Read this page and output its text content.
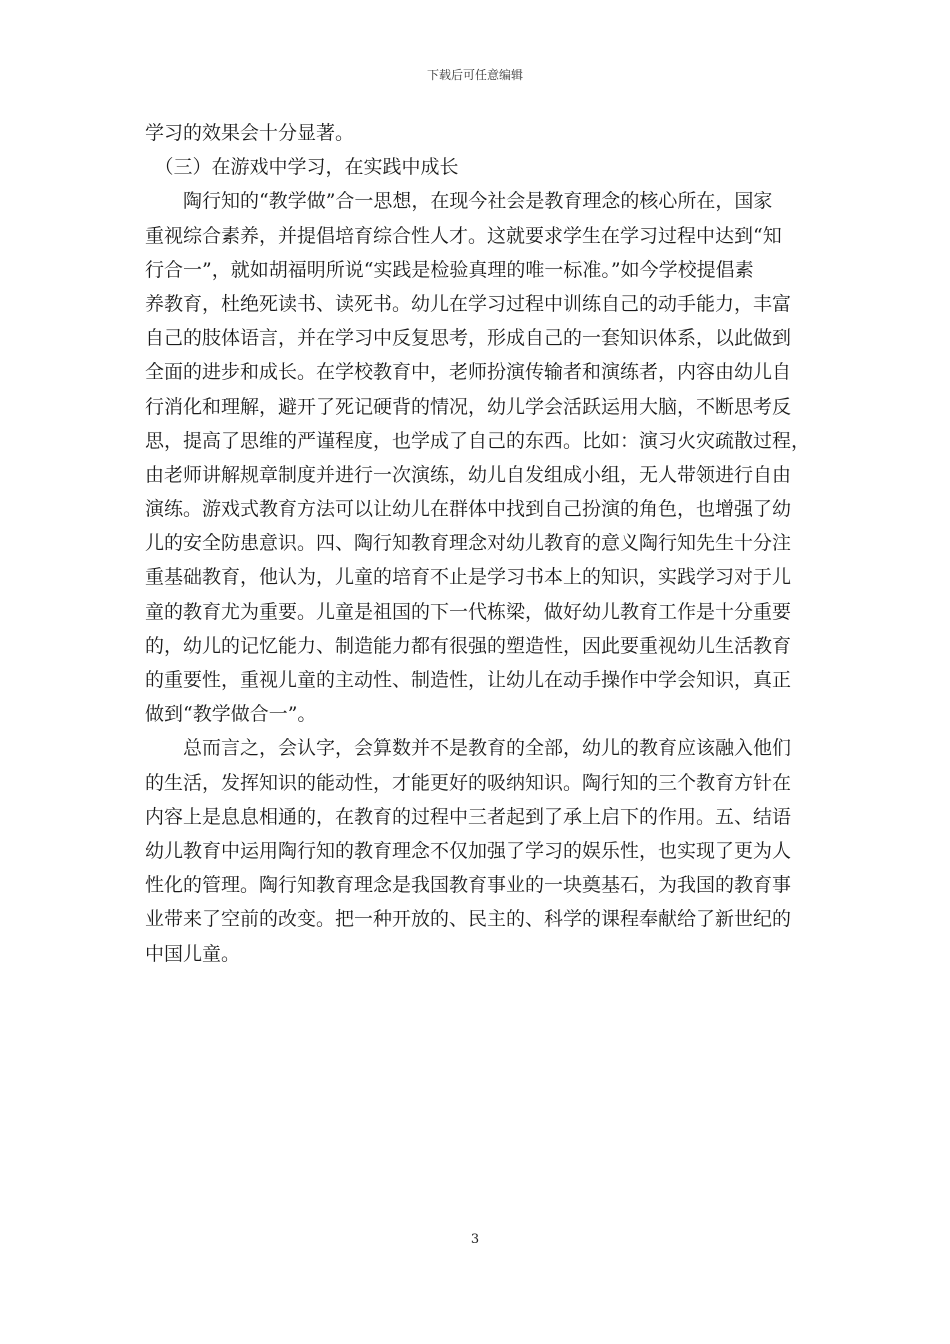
下载后可任意编辑
学习的效果会十分显著。
　（三）在游戏中学习，在实践中成长
　　陶行知的“教学做”合一思想，在现今社会是教育理念的核心所在，国家
重视综合素养，并提倡培育综合性人才。这就要求学生在学习过程中达到“知
行合一”，就如胡福明所说“实践是检验真理的唯一标准。”如今学校提倡素
养教育，杜绝死读书、读死书。幼儿在学习过程中训练自己的动手能力，丰富
自己的肢体语言，并在学习中反复思考，形成自己的一套知识体系，以此做到
全面的进步和成长。在学校教育中，老师扮演传输者和演练者，内容由幼儿自
行消化和理解，避开了死记硬背的情况，幼儿学会活跃运用大脑，不断思考反
思，提高了思维的严谨程度，也学成了自己的东西。比如：演习火灾疏散过程，
由老师讲解规章制度并进行一次演练，幼儿自发组成小组，无人带领进行自由
演练。游戏式教育方法可以让幼儿在群体中找到自己扮演的角色，也增强了幼
儿的安全防患意识。四、陶行知教育理念对幼儿教育的意义陶行知先生十分注
重基础教育，他认为，儿童的培育不止是学习书本上的知识，实践学习对于儿
童的教育尤为重要。儿童是祖国的下一代栋梁，做好幼儿教育工作是十分重要
的，幼儿的记忆能力、制造能力都有很强的塑造性，因此要重视幼儿生活教育
的重要性，重视儿童的主动性、制造性，让幼儿在动手操作中学会知识，真正
做到“教学做合一”。
　　总而言之，会认字，会算数并不是教育的全部，幼儿的教育应该融入他们
的生活，发挥知识的能动性，才能更好的吸纳知识。陶行知的三个教育方针在
内容上是息息相通的，在教育的过程中三者起到了承上启下的作用。五、结语
幼儿教育中运用陶行知的教育理念不仅加强了学习的娱乐性，也实现了更为人
性化的管理。陶行知教育理念是我国教育事业的一块奠基石，为我国的教育事
业带来了空前的改变。把一种开放的、民主的、科学的课程奉献给了新世纪的
中国儿童。
3
